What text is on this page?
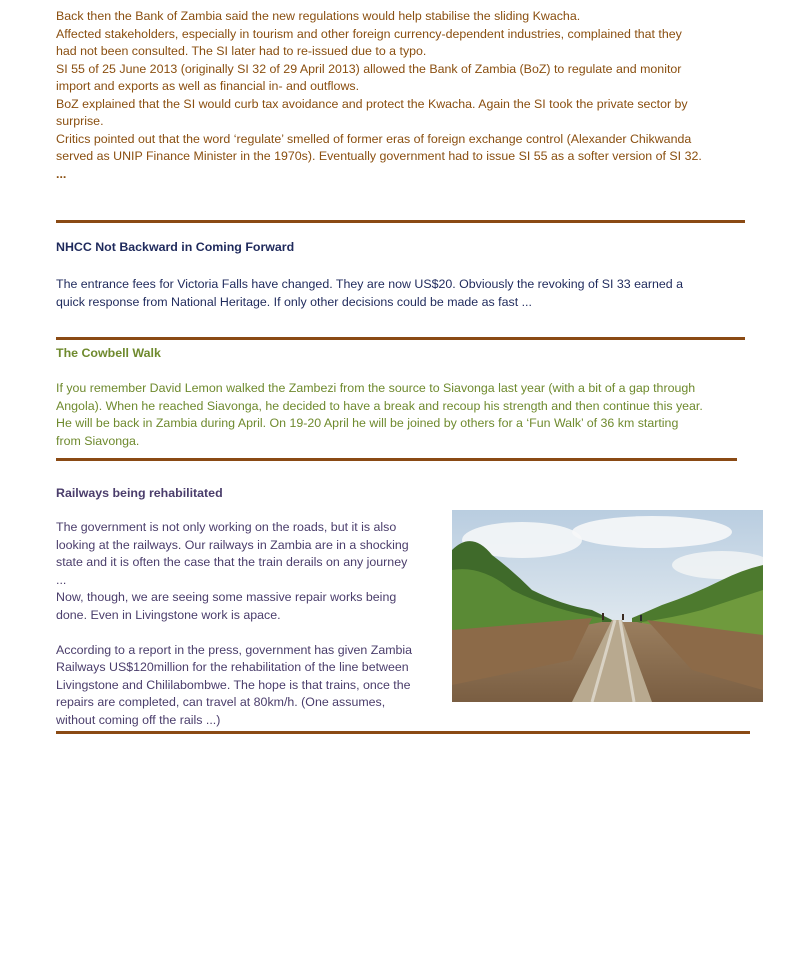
Back then the Bank of Zambia said the new regulations would help stabilise the sliding Kwacha.
Affected stakeholders, especially in tourism and other foreign currency-dependent industries, complained that they
had not been consulted. The SI later had to re-issued due to a typo.
SI 55 of 25 June 2013 (originally SI 32 of 29 April 2013) allowed the Bank of Zambia (BoZ) to regulate and monitor
import and exports as well as financial in- and outflows.
BoZ explained that the SI would curb tax avoidance and protect the Kwacha. Again the SI took the private sector by
surprise.
Critics pointed out that the word ‘regulate’ smelled of former eras of foreign exchange control (Alexander Chikwanda
served as UNIP Finance Minister in the 1970s). Eventually government had to issue SI 55 as a softer version of SI 32.
...
NHCC Not Backward in Coming Forward
The entrance fees for Victoria Falls have changed. They are now US$20. Obviously the revoking of SI 33 earned a
quick response from National Heritage. If only other decisions could be made as fast ...
The Cowbell Walk
If you remember David Lemon walked the Zambezi from the source to Siavonga last year (with a bit of a gap through
Angola). When he reached Siavonga, he decided to have a break and recoup his strength and then continue this year.
He will be back in Zambia during April. On 19-20 April he will be joined by others for a ‘Fun Walk’ of 36 km starting
from Siavonga.
Railways being rehabilitated
The government is not only working on the roads, but it is also
looking at the railways. Our railways in Zambia are in a shocking
state and it is often the case that the train derails on any journey
...
Now, though, we are seeing some massive repair works being
done. Even in Livingstone work is apace.

According to a report in the press, government has given Zambia
Railways US$120million for the rehabilitation of the line between
Livingstone and Chililabombwe. The hope is that trains, once the
repairs are completed, can travel at 80km/h. (One assumes,
without coming off the rails ...)
